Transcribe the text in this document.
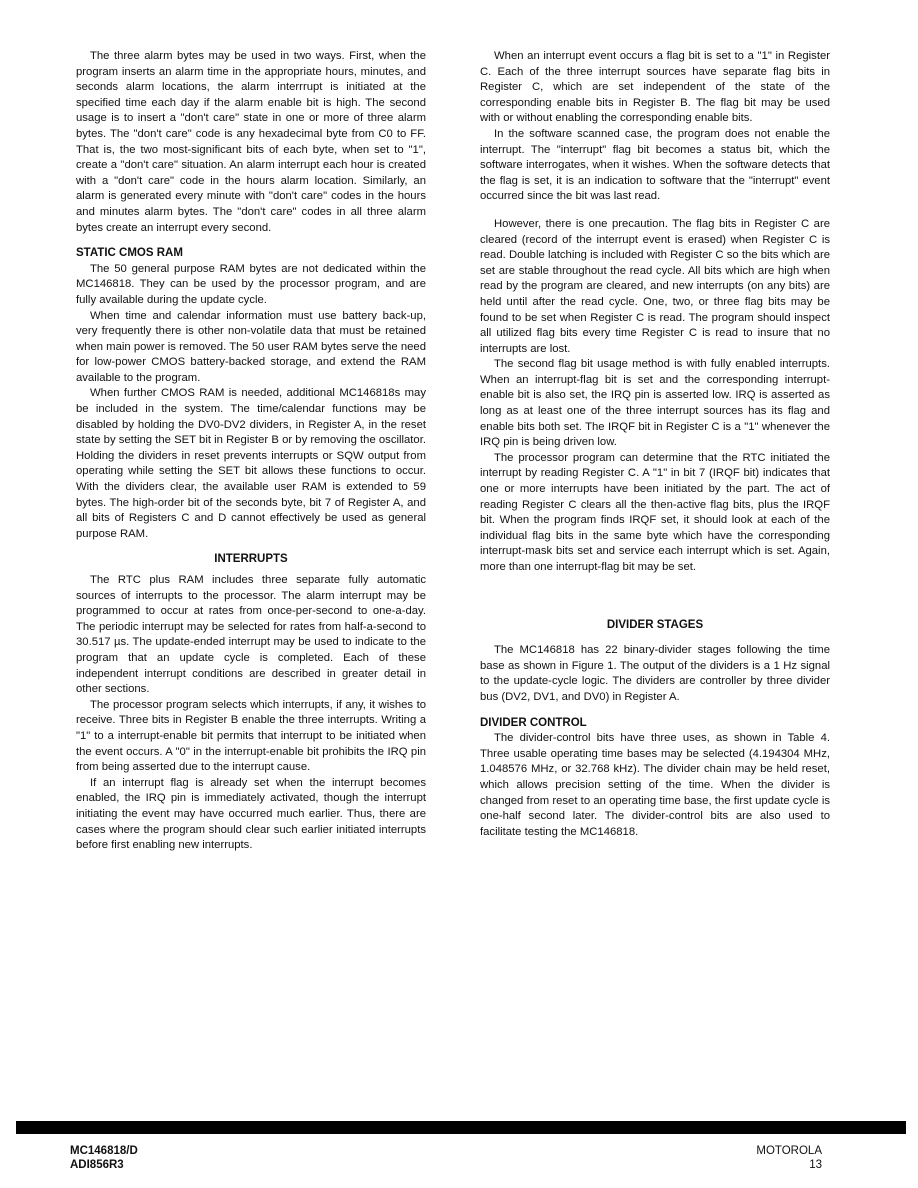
The three alarm bytes may be used in two ways. First, when the program inserts an alarm time in the appropriate hours, minutes, and seconds alarm locations, the alarm interrrupt is initiated at the specified time each day if the alarm enable bit is high. The second usage is to insert a "don't care" state in one or more of three alarm bytes. The "don't care" code is any hexadecimal byte from C0 to FF. That is, the two most-significant bits of each byte, when set to "1", create a "don't care" situation. An alarm interrupt each hour is created with a "don't care" code in the hours alarm location. Similarly, an alarm is generated every minute with "don't care" codes in the hours and minutes alarm bytes. The "don't care" codes in all three alarm bytes create an interrupt every second.

STATIC CMOS RAM

The 50 general purpose RAM bytes are not dedicated within the MC146818. They can be used by the processor program, and are fully available during the update cycle.

When time and calendar information must use battery back-up, very frequently there is other non-volatile data that must be retained when main power is removed. The 50 user RAM bytes serve the need for low-power CMOS battery-backed storage, and extend the RAM available to the program.

When further CMOS RAM is needed, additional MC146818s may be included in the system. The time/calendar functions may be disabled by holding the DV0-DV2 dividers, in Register A, in the reset state by setting the SET bit in Register B or by removing the oscillator. Holding the dividers in reset prevents interrupts or SQW output from operating while setting the SET bit allows these functions to occur. With the dividers clear, the available user RAM is extended to 59 bytes. The high-order bit of the seconds byte, bit 7 of Register A, and all bits of Registers C and D cannot effectively be used as general purpose RAM.

INTERRUPTS

The RTC plus RAM includes three separate fully automatic sources of interrupts to the processor. The alarm interrupt may be programmed to occur at rates from once-per-second to one-a-day. The periodic interrupt may be selected for rates from half-a-second to 30.517 µs. The update-ended interrupt may be used to indicate to the program that an update cycle is completed. Each of these independent interrupt conditions are described in greater detail in other sections.

The processor program selects which interrupts, if any, it wishes to receive. Three bits in Register B enable the three interrupts. Writing a "1" to a interrupt-enable bit permits that interrupt to be initiated when the event occurs. A "0" in the interrupt-enable bit prohibits the IRQ pin from being asserted due to the interrupt cause.

If an interrupt flag is already set when the interrupt becomes enabled, the IRQ pin is immediately activated, though the interrupt initiating the event may have occurred much earlier. Thus, there are cases where the program should clear such earlier initiated interrupts before first enabling new interrupts.

When an interrupt event occurs a flag bit is set to a "1" in Register C. Each of the three interrupt sources have separate flag bits in Register C, which are set independent of the state of the corresponding enable bits in Register B. The flag bit may be used with or without enabling the corresponding enable bits.

In the software scanned case, the program does not enable the interrupt. The "interrupt" flag bit becomes a status bit, which the software interrogates, when it wishes. When the software detects that the flag is set, it is an indication to software that the "interrupt" event occurred since the bit was last read.

However, there is one precaution. The flag bits in Register C are cleared (record of the interrupt event is erased) when Register C is read. Double latching is included with Register C so the bits which are set are stable throughout the read cycle. All bits which are high when read by the program are cleared, and new interrupts (on any bits) are held until after the read cycle. One, two, or three flag bits may be found to be set when Register C is read. The program should inspect all utilized flag bits every time Register C is read to insure that no interrupts are lost.

The second flag bit usage method is with fully enabled interrupts. When an interrupt-flag bit is set and the corresponding interrupt-enable bit is also set, the IRQ pin is asserted low. IRQ is asserted as long as at least one of the three interrupt sources has its flag and enable bits both set. The IRQF bit in Register C is a "1" whenever the IRQ pin is being driven low.

The processor program can determine that the RTC initiated the interrupt by reading Register C. A "1" in bit 7 (IRQF bit) indicates that one or more interrupts have been initiated by the part. The act of reading Register C clears all the then-active flag bits, plus the IRQF bit. When the program finds IRQF set, it should look at each of the individual flag bits in the same byte which have the corresponding interrupt-mask bits set and service each interrupt which is set. Again, more than one interrupt-flag bit may be set.

DIVIDER STAGES

The MC146818 has 22 binary-divider stages following the time base as shown in Figure 1. The output of the dividers is a 1 Hz signal to the update-cycle logic. The dividers are controller by three divider bus (DV2, DV1, and DV0) in Register A.

DIVIDER CONTROL

The divider-control bits have three uses, as shown in Table 4. Three usable operating time bases may be selected (4.194304 MHz, 1.048576 MHz, or 32.768 kHz). The divider chain may be held reset, which allows precision setting of the time. When the divider is changed from reset to an operating time base, the first update cycle is one-half second later. The divider-control bits are also used to facilitate testing the MC146818.

MC146818/D
ADI856R3
MOTOROLA
13
